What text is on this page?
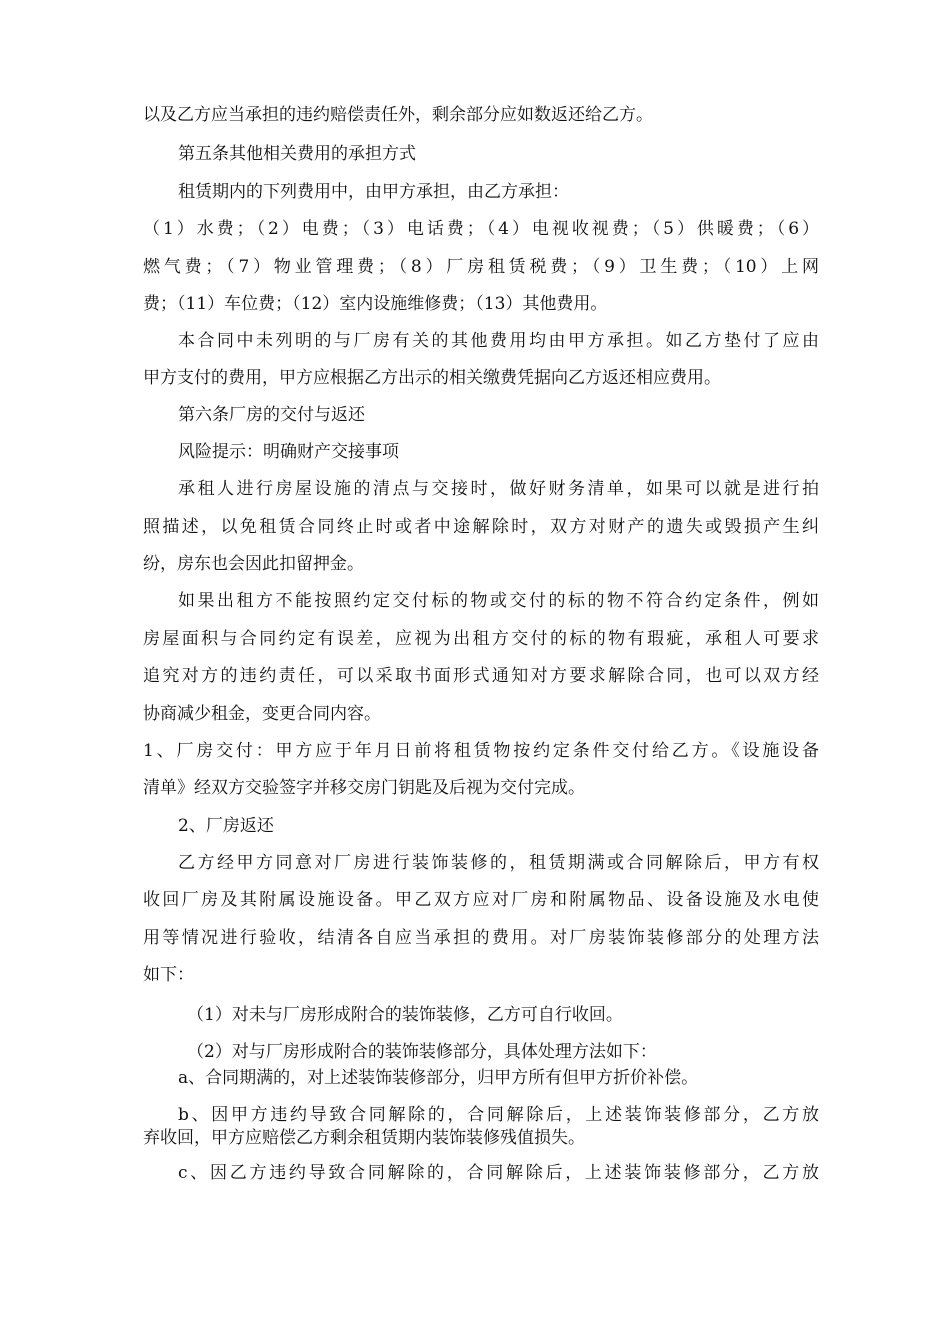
以及乙方应当承担的违约赔偿责任外，剩余部分应如数返还给乙方。
第五条其他相关费用的承担方式
租赁期内的下列费用中，由甲方承担，由乙方承担：
（1）水费；（2）电费；（3）电话费；（4）电视收视费；（5）供暖费；（6）
燃气费；（7）物业管理费；（8）厂房租赁税费；（9）卫生费；（10）上网
费；（11）车位费；（12）室内设施维修费；（13）其他费用。
本合同中未列明的与厂房有关的其他费用均由甲方承担。如乙方垫付了应由
甲方支付的费用，甲方应根据乙方出示的相关缴费凭据向乙方返还相应费用。
第六条厂房的交付与返还
风险提示：明确财产交接事项
承租人进行房屋设施的清点与交接时，做好财务清单，如果可以就是进行拍
照描述，以免租赁合同终止时或者中途解除时，双方对财产的遗失或毁损产生纠
纷，房东也会因此扣留押金。
如果出租方不能按照约定交付标的物或交付的标的物不符合约定条件，例如
房屋面积与合同约定有误差，应视为出租方交付的标的物有瑕疵，承租人可要求
追究对方的违约责任，可以采取书面形式通知对方要求解除合同，也可以双方经
协商减少租金，变更合同内容。
1、厂房交付：甲方应于年月日前将租赁物按约定条件交付给乙方。《设施设备
清单》经双方交验签字并移交房门钥匙及后视为交付完成。
2、厂房返还
乙方经甲方同意对厂房进行装饰装修的，租赁期满或合同解除后，甲方有权
收回厂房及其附属设施设备。甲乙双方应对厂房和附属物品、设备设施及水电使
用等情况进行验收，结清各自应当承担的费用。对厂房装饰装修部分的处理方法
如下：
（1）对未与厂房形成附合的装饰装修，乙方可自行收回。
（2）对与厂房形成附合的装饰装修部分，具体处理方法如下：
a、合同期满的，对上述装饰装修部分，归甲方所有但甲方折价补偿。
b、因甲方违约导致合同解除的，合同解除后，上述装饰装修部分，乙方放
弃收回，甲方应赔偿乙方剩余租赁期内装饰装修残值损失。
c、因乙方违约导致合同解除的，合同解除后，上述装饰装修部分，乙方放
